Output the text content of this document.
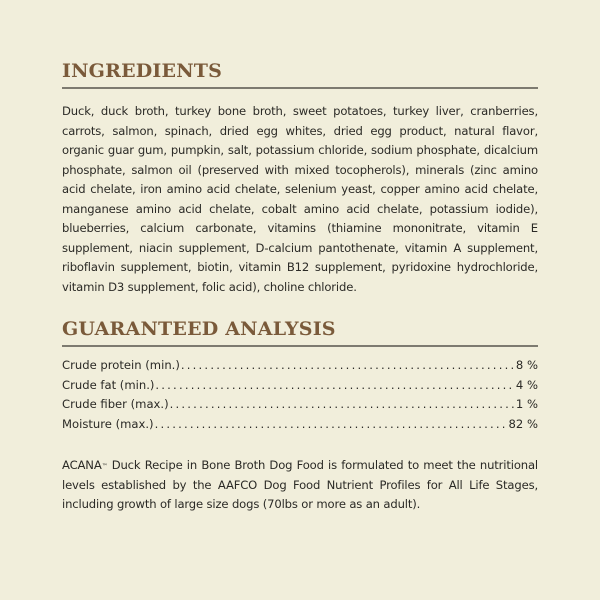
INGREDIENTS

Duck, duck broth, turkey bone broth, sweet potatoes, turkey liver, cranberries, carrots, salmon, spinach, dried egg whites, dried egg product, natural flavor, organic guar gum, pumpkin, salt, potassium chloride, sodium phosphate, dicalcium phosphate, salmon oil (preserved with mixed tocopherols), minerals (zinc amino acid chelate, iron amino acid chelate, selenium yeast, copper amino acid chelate, manganese amino acid chelate, cobalt amino acid chelate, potassium iodide), blueberries, calcium carbonate, vitamins (thiamine mononitrate, vitamin E supplement, niacin supplement, D-calcium pantothenate, vitamin A supplement, riboflavin supplement, biotin, vitamin B12 supplement, pyridoxine hydrochloride, vitamin D3 supplement, folic acid), choline chloride.

GUARANTEED ANALYSIS
Crude protein (min.) .....	8 %
Crude fat (min.) .....	4 %
Crude fiber (max.) .....	1 %
Moisture (max.) .....	82 %

ACANA™ Duck Recipe in Bone Broth Dog Food is formulated to meet the nutritional levels established by the AAFCO Dog Food Nutrient Profiles for All Life Stages, including growth of large size dogs (70lbs or more as an adult).
